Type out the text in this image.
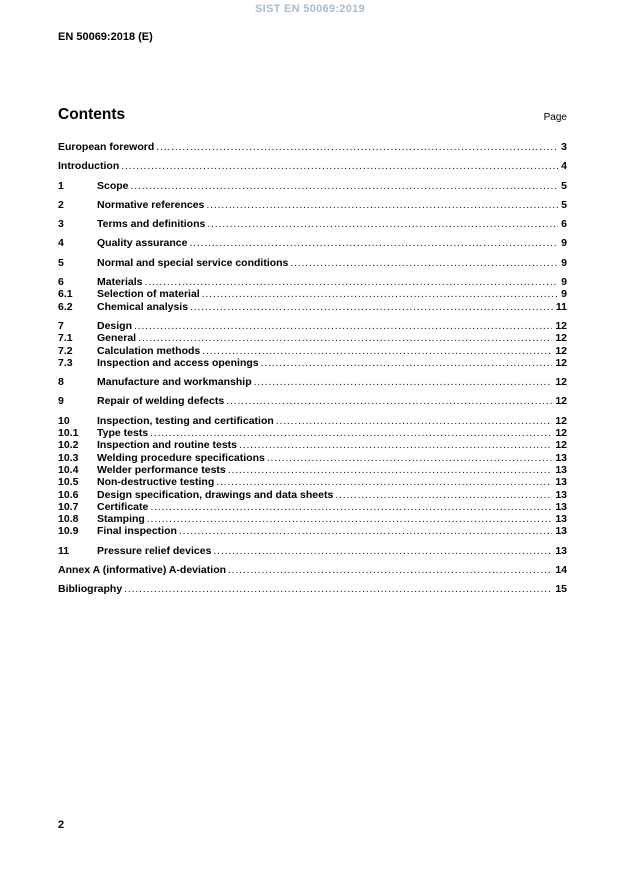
SIST EN 50069:2019
EN 50069:2018 (E)
Contents	Page
European foreword .....	3
Introduction .....	4
1	Scope .....	5
2	Normative references .....	5
3	Terms and definitions .....	6
4	Quality assurance .....	9
5	Normal and special service conditions .....	9
6	Materials .....	9
6.1	Selection of material .....	9
6.2	Chemical analysis .....	11
7	Design .....	12
7.1	General .....	12
7.2	Calculation methods .....	12
7.3	Inspection and access openings .....	12
8	Manufacture and workmanship .....	12
9	Repair of welding defects .....	12
10	Inspection, testing and certification .....	12
10.1	Type tests .....	12
10.2	Inspection and routine tests .....	12
10.3	Welding procedure specifications .....	13
10.4	Welder performance tests .....	13
10.5	Non-destructive testing .....	13
10.6	Design specification, drawings and data sheets .....	13
10.7	Certificate .....	13
10.8	Stamping .....	13
10.9	Final inspection .....	13
11	Pressure relief devices .....	13
Annex A (informative) A-deviation .....	14
Bibliography .....	15
2
